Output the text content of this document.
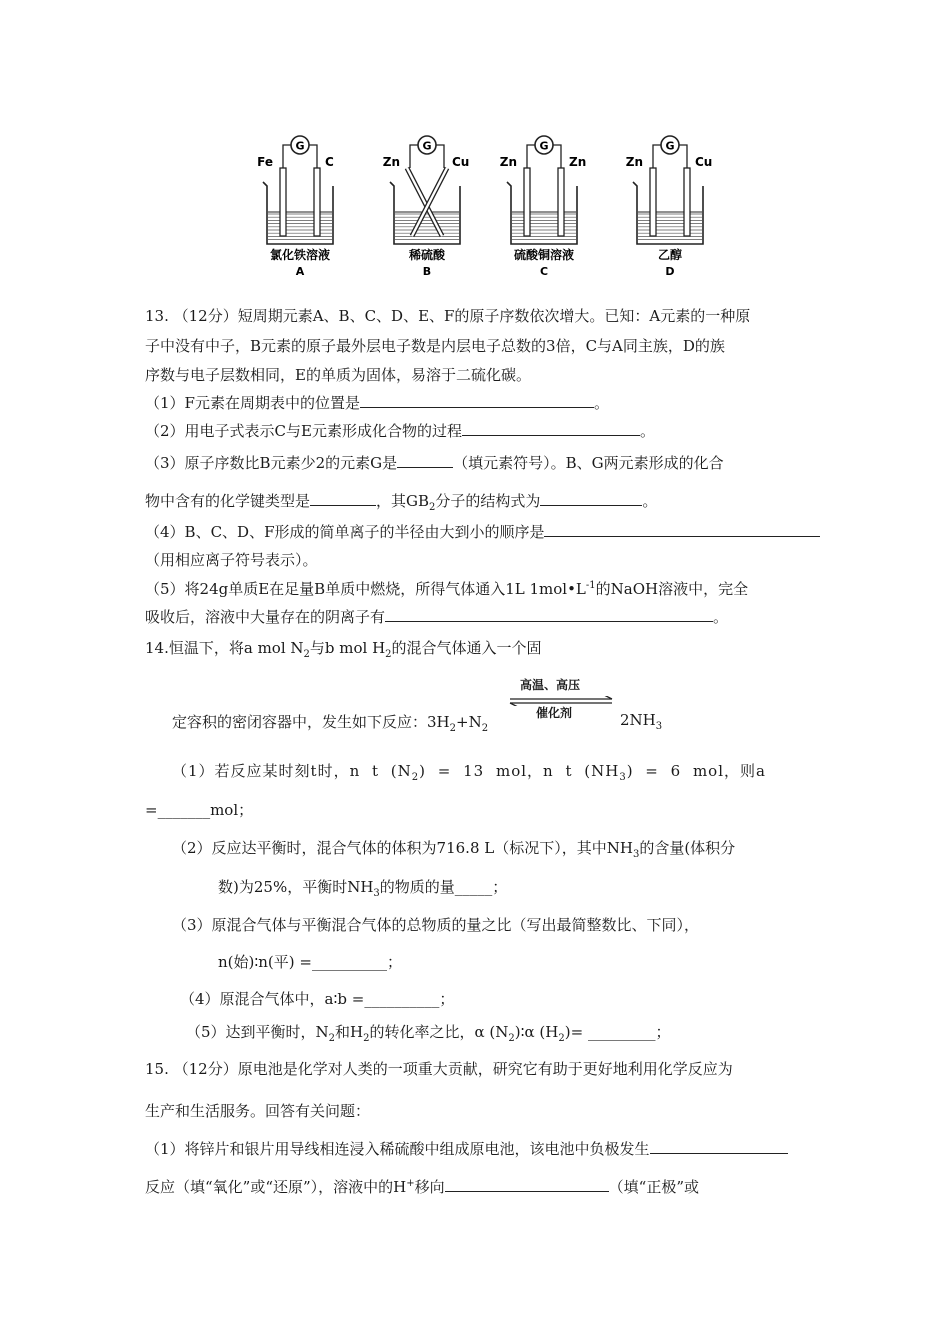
G
Fe	C
氯化铁溶液
A
G
Zn	Cu
稀硫酸
B
G
Zn	Zn
硫酸铜溶液
C
G
Zn	Cu
乙醇
D
13. （12分）短周期元素A、B、C、D、E、F的原子序数依次增大。已知：A元素的一种原
子中没有中子，B元素的原子最外层电子数是内层电子总数的3倍，C与A同主族，D的族
序数与电子层数相同，E的单质为固体，易溶于二硫化碳。
（1）F元素在周期表中的位置是	。
（2）用电子式表示C与E元素形成化合物的过程	。
（3）原子序数比B元素少2的元素G是	（填元素符号）。B、G两元素形成的化合
物中含有的化学键类型是	，其$GB_2$分子的结构式为	。
（4）B、C、D、F形成的简单离子的半径由大到小的顺序是
（用相应离子符号表示）。
（5）将24g单质E在足量B单质中燃烧，所得气体通入1L $1mol•L^{-1}$的NaOH溶液中，完全
吸收后，溶液中大量存在的阴离子有	。
14.恒温下，将a mol $N_2$与b mol $H_2$的混合气体通入一个固
定容积的密闭容器中，发生如下反应：$3H_2+N_2$
高温、高压
催化剂	$2NH_3$
（1）若反应某时刻t时，n t $(N_2) = 13$ mol，n t $(NH_3) = 6$ mol，则a
=_______mol；
（2）反应达平衡时，混合气体的体积为716.8 L（标况下），其中$NH_3$的含量(体积分
数)为25%，平衡时$NH_3$的物质的量_____；
（3）原混合气体与平衡混合气体的总物质的量之比（写出最简整数比、下同），
n(始)∶n(平) =__________；
（4）原混合气体中，a∶b =__________；
（5）达到平衡时，$N_2$和$H_2$的转化率之比，α $(N_2)∶\alpha$ $(H_2)=$ _________；
15. （12分）原电池是化学对人类的一项重大贡献，研究它有助于更好地利用化学反应为
生产和生活服务。回答有关问题：
（1）将锌片和银片用导线相连浸入稀硫酸中组成原电池，该电池中负极发生
反应（填“氧化”或“还原”），溶液中的H+移向	（填“正极”或
